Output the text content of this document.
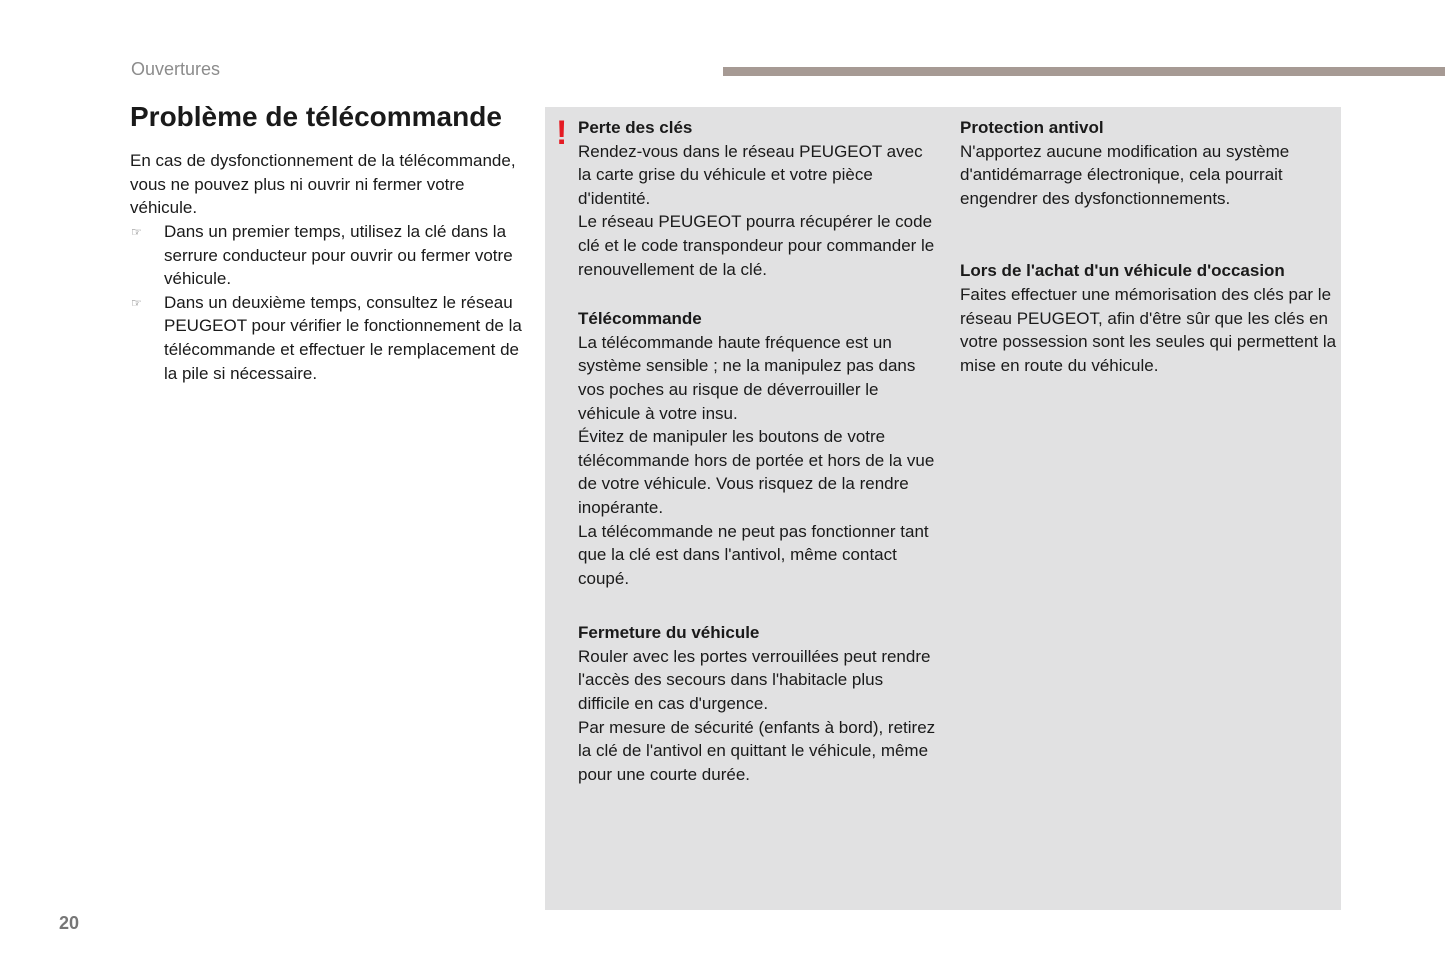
Ouvertures
Problème de télécommande

En cas de dysfonctionnement de la télécommande, vous ne pouvez plus ni ouvrir ni fermer votre véhicule.

☞ Dans un premier temps, utilisez la clé dans la serrure conducteur pour ouvrir ou fermer votre véhicule.
☞ Dans un deuxième temps, consultez le réseau PEUGEOT pour vérifier le fonctionnement de la télécommande et effectuer le remplacement de la pile si nécessaire.
! Perte des clés

Rendez-vous dans le réseau PEUGEOT avec la carte grise du véhicule et votre pièce d'identité.

Le réseau PEUGEOT pourra récupérer le code clé et le code transpondeur pour commander le renouvellement de la clé.

Télécommande

La télécommande haute fréquence est un système sensible ; ne la manipulez pas dans vos poches au risque de déverrouiller le véhicule à votre insu.

Évitez de manipuler les boutons de votre télécommande hors de portée et hors de la vue de votre véhicule. Vous risquez de la rendre inopérante.

La télécommande ne peut pas fonctionner tant que la clé est dans l'antivol, même contact coupé.

Fermeture du véhicule

Rouler avec les portes verrouillées peut rendre l'accès des secours dans l'habitacle plus difficile en cas d'urgence.

Par mesure de sécurité (enfants à bord), retirez la clé de l'antivol en quittant le véhicule, même pour une courte durée.

Protection antivol

N'apportez aucune modification au système d'antidémarrage électronique, cela pourrait engendrer des dysfonctionnements.

Lors de l'achat d'un véhicule d'occasion

Faites effectuer une mémorisation des clés par le réseau PEUGEOT, afin d'être sûr que les clés en votre possession sont les seules qui permettent la mise en route du véhicule.

20
